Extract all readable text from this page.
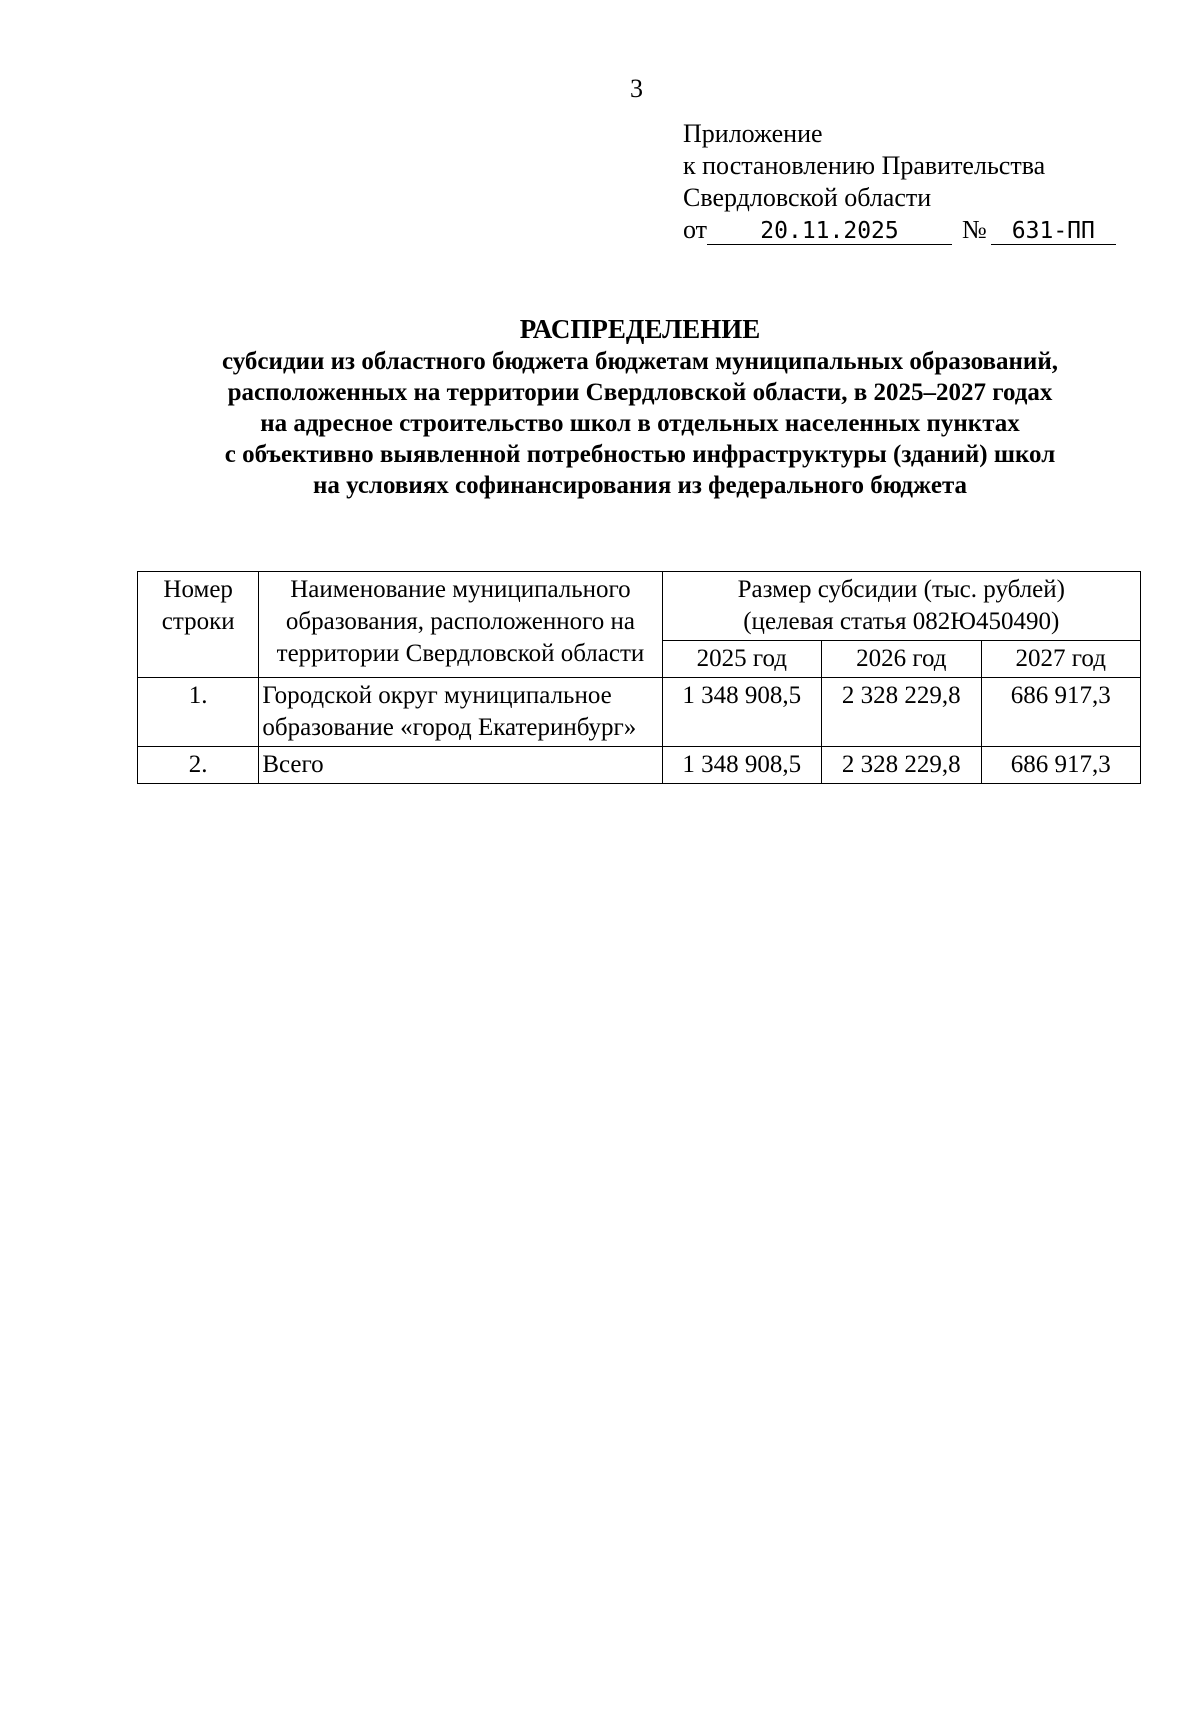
3
Приложение
к постановлению Правительства
Свердловской области
от 20.11.2025 № 631-ПП
РАСПРЕДЕЛЕНИЕ
субсидии из областного бюджета бюджетам муниципальных образований,
расположенных на территории Свердловской области, в 2025–2027 годах
на адресное строительство школ в отдельных населенных пунктах
с объективно выявленной потребностью инфраструктуры (зданий) школ
на условиях софинансирования из федерального бюджета
Номер строки	Наименование муниципального образования, расположенного на территории Свердловской области	Размер субсидии (тыс. рублей) (целевая статья 082Ю450490)		
		2025 год	2026 год	2027 год
1.	Городской округ муниципальное образование «город Екатеринбург»	1 348 908,5	2 328 229,8	686 917,3
2.	Всего	1 348 908,5	2 328 229,8	686 917,3
